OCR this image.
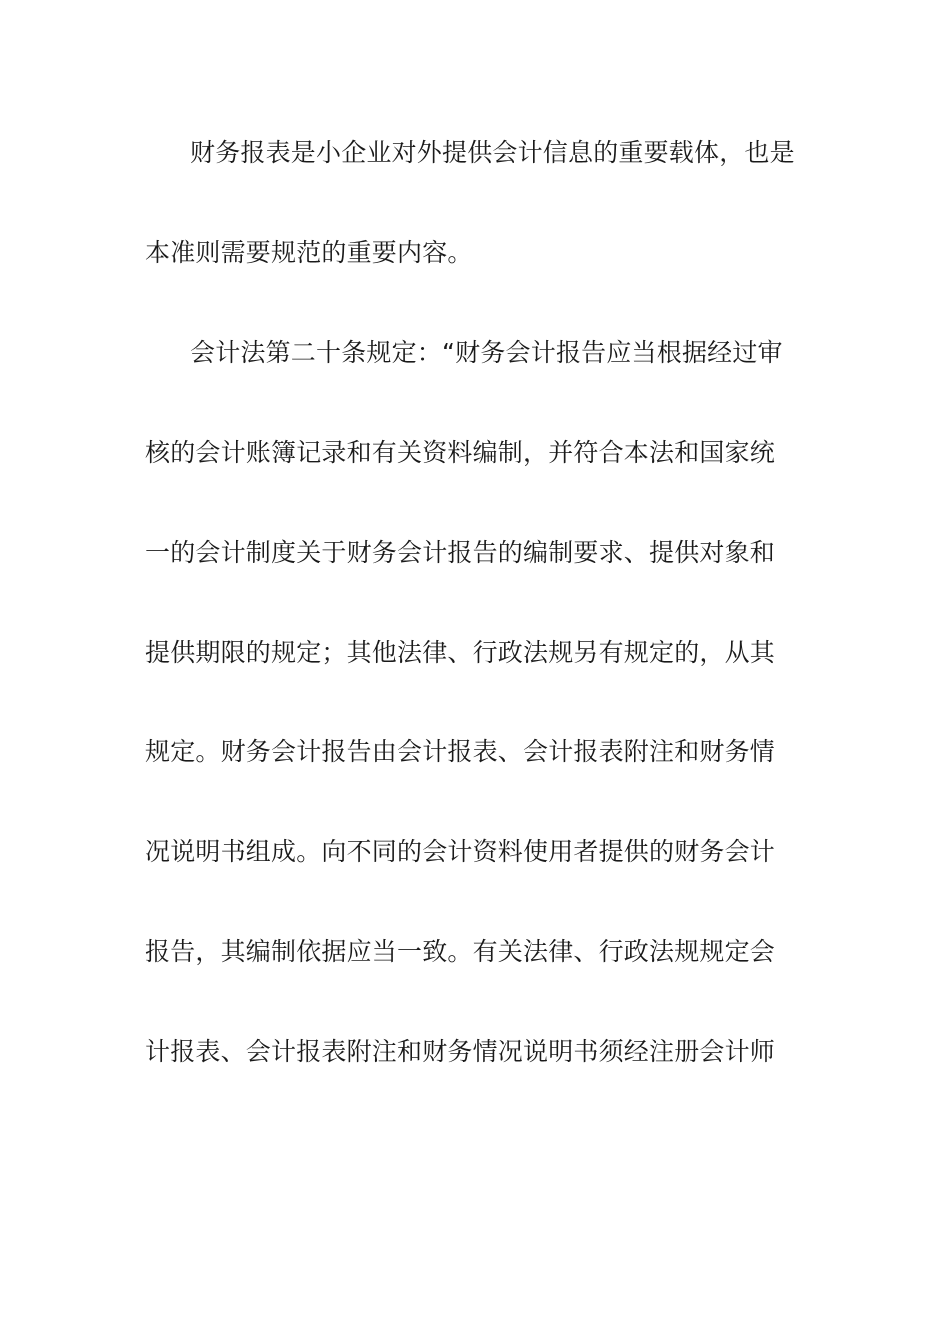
财务报表是小企业对外提供会计信息的重要载体，也是
本准则需要规范的重要内容。
会计法第二十条规定：“财务会计报告应当根据经过审
核的会计账簿记录和有关资料编制，并符合本法和国家统
一的会计制度关于财务会计报告的编制要求、提供对象和
提供期限的规定；其他法律、行政法规另有规定的，从其
规定。财务会计报告由会计报表、会计报表附注和财务情
况说明书组成。向不同的会计资料使用者提供的财务会计
报告，其编制依据应当一致。有关法律、行政法规规定会
计报表、会计报表附注和财务情况说明书须经注册会计师
